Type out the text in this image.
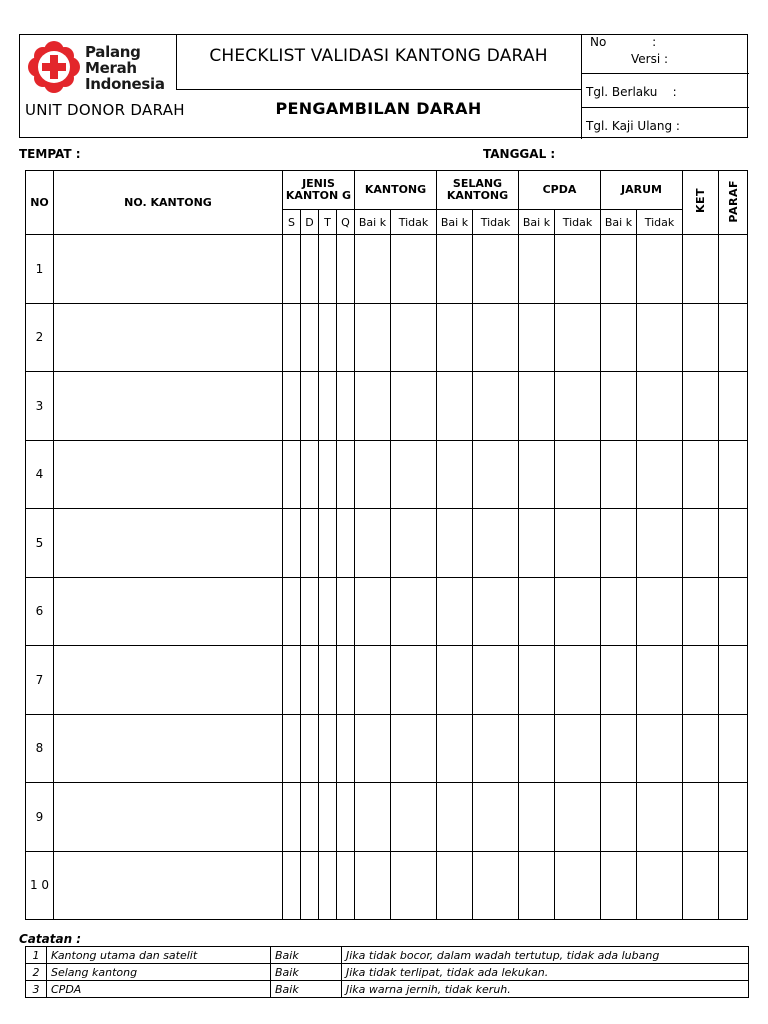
Palang
Merah
Indonesia
CHECKLIST VALIDASI KANTONG DARAH
UNIT DONOR DARAH	PENGAMBILAN DARAH
No            :
Versi :
Tgl. Berlaku    :
Tgl. Kaji Ulang :
TEMPAT :	TANGGAL :
NO	NO. KANTONG	JENIS KANTON G				KANTONG		SELANG KANTONG		CPDA		JARUM		KET	PARAF
		S	D	T	Q	Bai k	Tidak	Bai k	Tidak	Bai k	Tidak	Bai k	Tidak		
1															
2															
3															
4															
5															
6															
7															
8															
9															
1 0															
Catatan :
1	Kantong utama dan satelit	Baik	Jika tidak bocor, dalam wadah tertutup, tidak ada lubang
2	Selang kantong	Baik	Jika tidak terlipat, tidak ada lekukan.
3	CPDA	Baik	Jika warna jernih, tidak keruh.
